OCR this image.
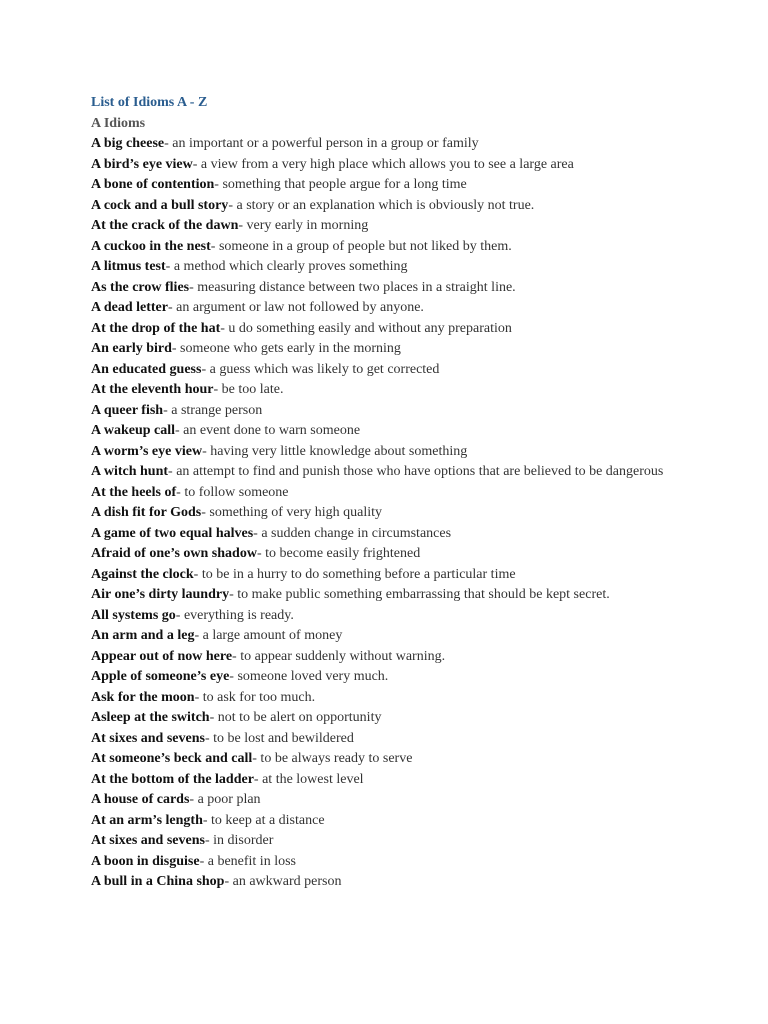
List of Idioms A - Z
A Idioms
A big cheese- an important or a powerful person in a group or family
A bird’s eye view- a view from a very high place which allows you to see a large area
A bone of contention- something that people argue for a long time
A cock and a bull story- a story or an explanation which is obviously not true.
At the crack of the dawn- very early in morning
A cuckoo in the nest- someone in a group of people but not liked by them.
A litmus test- a method which clearly proves something
As the crow flies- measuring distance between two places in a straight line.
A dead letter- an argument or law not followed by anyone.
At the drop of the hat- u do something easily and without any preparation
An early bird- someone who gets early in the morning
An educated guess- a guess which was likely to get corrected
At the eleventh hour- be too late.
A queer fish- a strange person
A wakeup call- an event done to warn someone
A worm’s eye view- having very little knowledge about something
A witch hunt- an attempt to find and punish those who have options that are believed to be dangerous
At the heels of- to follow someone
A dish fit for Gods- something of very high quality
A game of two equal halves- a sudden change in circumstances
Afraid of one’s own shadow- to become easily frightened
Against the clock- to be in a hurry to do something before a particular time
Air one’s dirty laundry- to make public something embarrassing that should be kept secret.
All systems go- everything is ready.
An arm and a leg- a large amount of money
Appear out of now here- to appear suddenly without warning.
Apple of someone’s eye- someone loved very much.
Ask for the moon- to ask for too much.
Asleep at the switch- not to be alert on opportunity
At sixes and sevens- to be lost and bewildered
At someone’s beck and call- to be always ready to serve
At the bottom of the ladder- at the lowest level
A house of cards- a poor plan
At an arm’s length- to keep at a distance
At sixes and sevens- in disorder
A boon in disguise- a benefit in loss
A bull in a China shop- an awkward person
